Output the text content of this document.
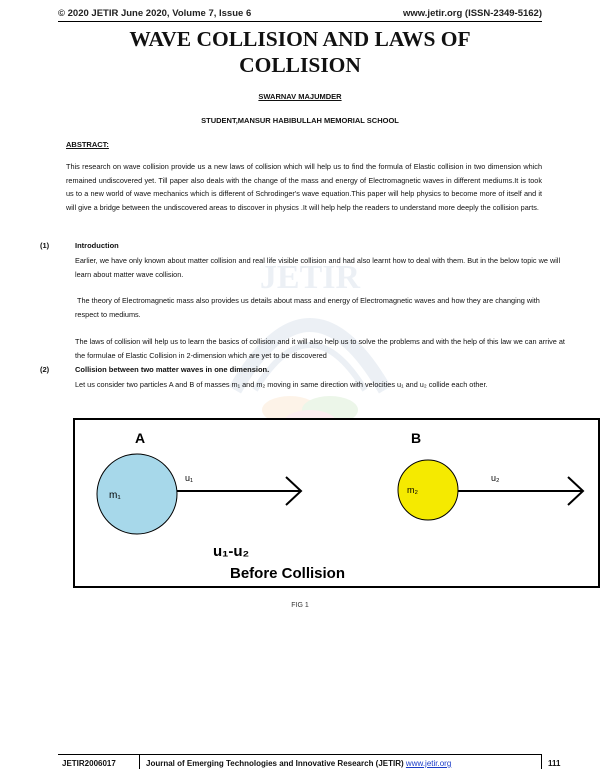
© 2020 JETIR June 2020, Volume 7, Issue 6	www.jetir.org (ISSN-2349-5162)
JETIR
WAVE COLLISION AND LAWS OF
COLLISION
SWARNAV MAJUMDER
STUDENT,MANSUR HABIBULLAH MEMORIAL SCHOOL
ABSTRACT:
This research on wave collision provide us a new laws of collision which will help us to find the formula of Elastic collision in two dimension which remained undiscovered yet. Till paper also deals with the change of the mass and energy of Electromagnetic waves in different mediums.It is took us to a new world of wave mechanics which is different of Schrodinger's wave equation.This paper will help physics to become more of itself and it will give a bridge between the undiscovered areas to discover in physics .It will help help the readers to understand more deeply the collision parts.
(1)	Introduction
Earlier, we have only known about matter collision and real life visible collision and had also learnt how to deal with them. But in the below topic we will learn about matter wave collision.
The theory of Electromagnetic mass also provides us details about mass and energy of Electromagnetic waves and how they are changing with respect to mediums.
The laws of collision will help us to learn the basics of collision and it will also help us to solve the problems and with the help of this law we can arrive at the formulae of Elastic Collision in 2-dimension which are yet to be discovered
(2)	Collision between two matter waves in one dimension.
Let us consider two particles A and B of masses m₁ and m₂ moving in same direction with velocities u₁ and u₂ collide each other.
A	B
m₁	m₂
u₁	u₂
u₁-u₂
Before Collision
FIG 1
JETIR2006017	Journal of Emerging Technologies and Innovative Research (JETIR) www.jetir.org	111
